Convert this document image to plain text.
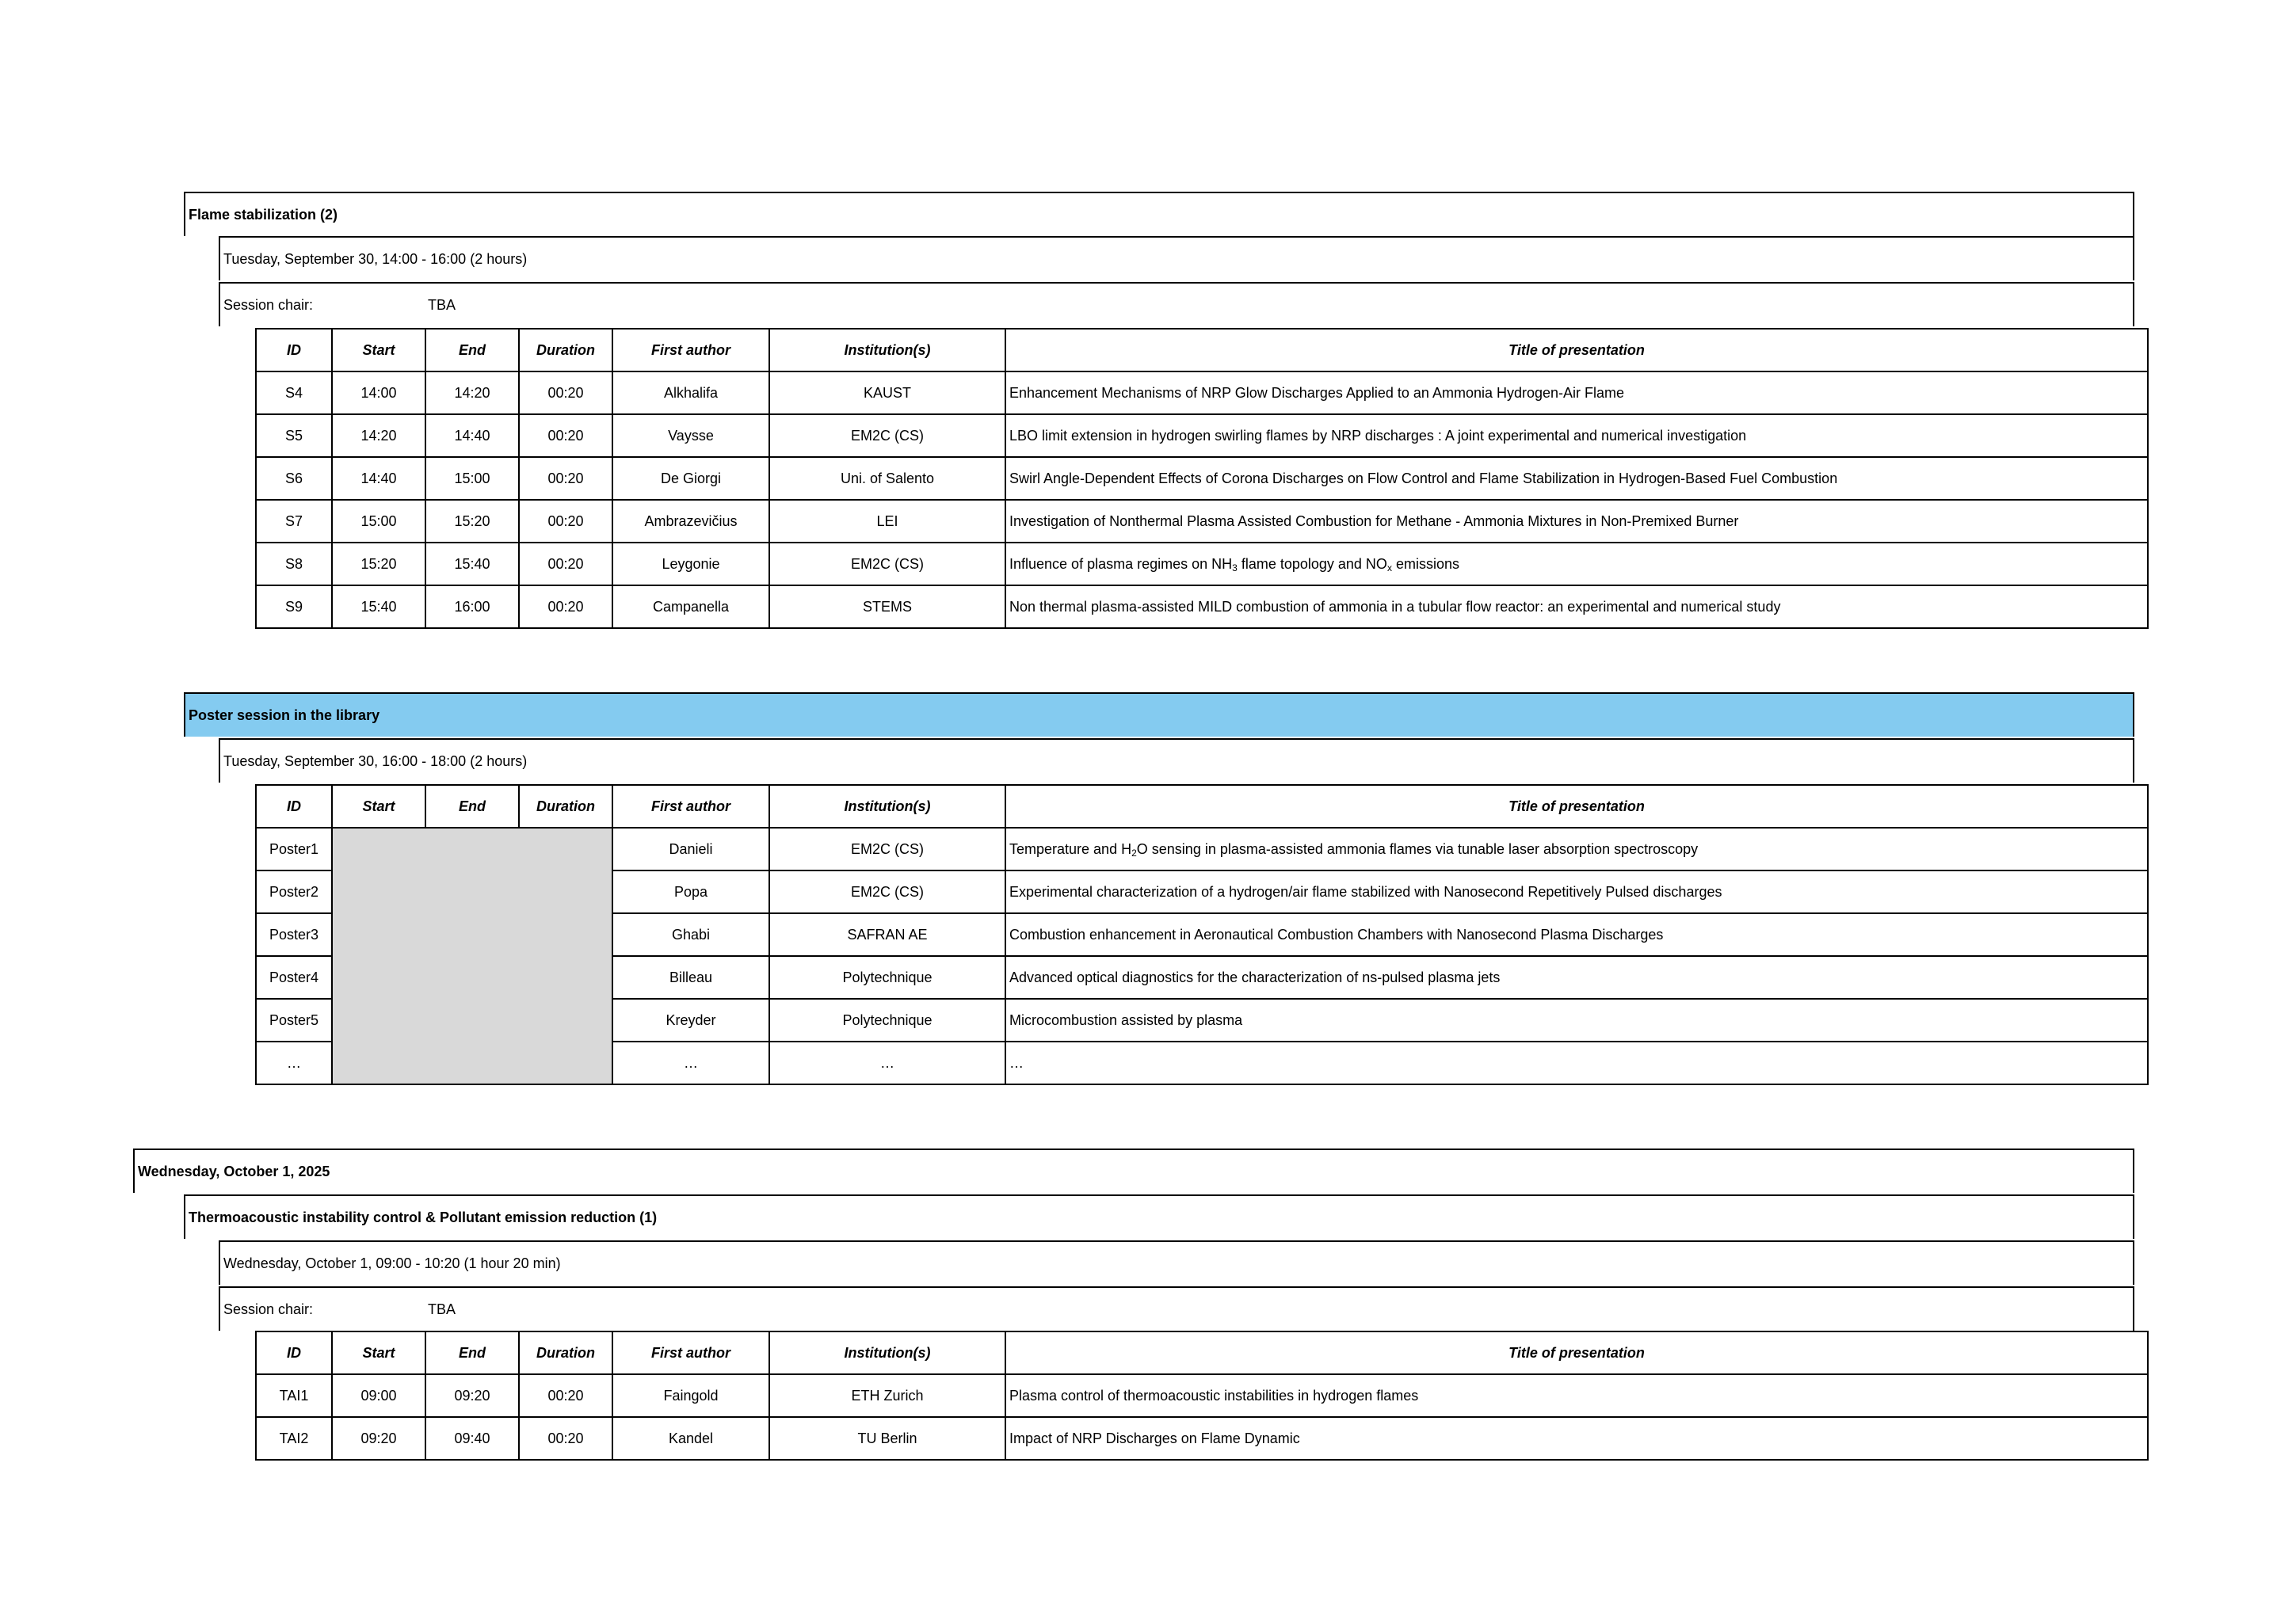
Flame stabilization (2)
Tuesday, September 30, 14:00 - 16:00 (2 hours)
Session chair:	TBA
ID	Start	End	Duration	First author	Institution(s)	Title of presentation
S4	14:00	14:20	00:20	Alkhalifa	KAUST	Enhancement Mechanisms of NRP Glow Discharges Applied to an Ammonia Hydrogen-Air Flame
S5	14:20	14:40	00:20	Vaysse	EM2C (CS)	LBO limit extension in hydrogen swirling flames by NRP discharges : A joint experimental and numerical investigation
S6	14:40	15:00	00:20	De Giorgi	Uni. of Salento	Swirl Angle-Dependent Effects of Corona Discharges on Flow Control and Flame Stabilization in Hydrogen-Based Fuel Combustion
S7	15:00	15:20	00:20	Ambrazevičius	LEI	Investigation of Nonthermal Plasma Assisted Combustion for Methane - Ammonia Mixtures in Non-Premixed Burner
S8	15:20	15:40	00:20	Leygonie	EM2C (CS)	Influence of plasma regimes on $NH_3$ flame topology and $NO_x$ emissions
S9	15:40	16:00	00:20	Campanella	STEMS	Non thermal plasma-assisted MILD combustion of ammonia in a tubular flow reactor: an experimental and numerical study
Poster session in the library
Tuesday, September 30, 16:00 - 18:00 (2 hours)
ID	Start	End	Duration	First author	Institution(s)	Title of presentation
Poster1				Danieli	EM2C (CS)	Temperature and $H_2O$ sensing in plasma-assisted ammonia flames via tunable laser absorption spectroscopy
Poster2				Popa	EM2C (CS)	Experimental characterization of a hydrogen/air flame stabilized with Nanosecond Repetitively Pulsed discharges
Poster3				Ghabi	SAFRAN AE	Combustion enhancement in Aeronautical Combustion Chambers with Nanosecond Plasma Discharges
Poster4				Billeau	Polytechnique	Advanced optical diagnostics for the characterization of ns-pulsed plasma jets
Poster5				Kreyder	Polytechnique	Microcombustion assisted by plasma
…				…	…	…
Wednesday, October 1, 2025
Thermoacoustic instability control & Pollutant emission reduction (1)
Wednesday, October 1, 09:00 - 10:20 (1 hour 20 min)
Session chair:	TBA
ID	Start	End	Duration	First author	Institution(s)	Title of presentation
TAI1	09:00	09:20	00:20	Faingold	ETH Zurich	Plasma control of thermoacoustic instabilities in hydrogen flames
TAI2	09:20	09:40	00:20	Kandel	TU Berlin	Impact of NRP Discharges on Flame Dynamic
